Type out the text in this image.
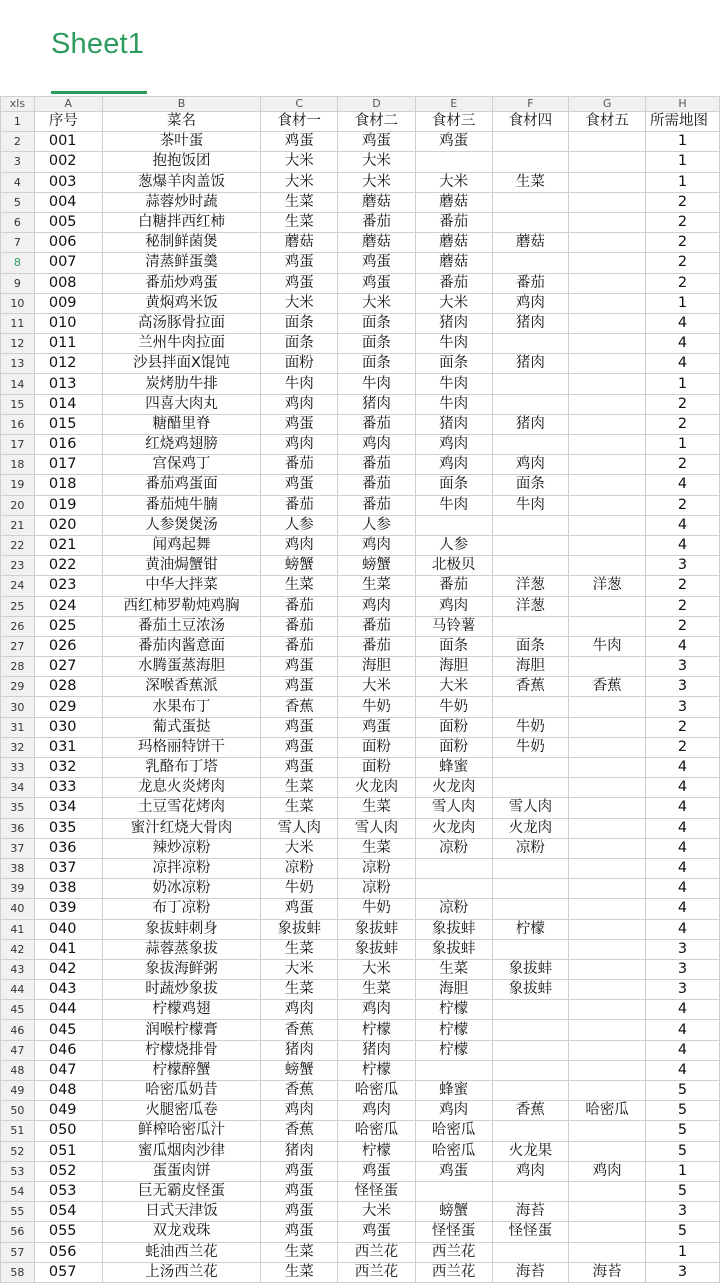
Sheet1
xls	A	B	C	D	E	F	G	H
1	序号	菜名	食材一	食材二	食材三	食材四	食材五	所需地图
2	001	茶叶蛋	鸡蛋	鸡蛋	鸡蛋			1
3	002	抱抱饭团	大米	大米				1
4	003	葱爆羊肉盖饭	大米	大米	大米	生菜		1
5	004	蒜蓉炒时蔬	生菜	蘑菇	蘑菇			2
6	005	白糖拌西红柿	生菜	番茄	番茄			2
7	006	秘制鲜菌煲	蘑菇	蘑菇	蘑菇	蘑菇		2
8	007	清蒸鲜蛋羹	鸡蛋	鸡蛋	蘑菇			2
9	008	番茄炒鸡蛋	鸡蛋	鸡蛋	番茄	番茄		2
10	009	黄焖鸡米饭	大米	大米	大米	鸡肉		1
11	010	高汤豚骨拉面	面条	面条	猪肉	猪肉		4
12	011	兰州牛肉拉面	面条	面条	牛肉			4
13	012	沙县拌面X馄饨	面粉	面条	面条	猪肉		4
14	013	炭烤肋牛排	牛肉	牛肉	牛肉			1
15	014	四喜大肉丸	鸡肉	猪肉	牛肉			2
16	015	糖醋里脊	鸡蛋	番茄	猪肉	猪肉		2
17	016	红烧鸡翅膀	鸡肉	鸡肉	鸡肉			1
18	017	宫保鸡丁	番茄	番茄	鸡肉	鸡肉		2
19	018	番茄鸡蛋面	鸡蛋	番茄	面条	面条		4
20	019	番茄炖牛腩	番茄	番茄	牛肉	牛肉		2
21	020	人参煲煲汤	人参	人参				4
22	021	闻鸡起舞	鸡肉	鸡肉	人参			4
23	022	黄油焗蟹钳	螃蟹	螃蟹	北极贝			3
24	023	中华大拌菜	生菜	生菜	番茄	洋葱	洋葱	2
25	024	西红柿罗勒炖鸡胸	番茄	鸡肉	鸡肉	洋葱		2
26	025	番茄土豆浓汤	番茄	番茄	马铃薯			2
27	026	番茄肉酱意面	番茄	番茄	面条	面条	牛肉	4
28	027	水腾蛋蒸海胆	鸡蛋	海胆	海胆	海胆		3
29	028	深喉香蕉派	鸡蛋	大米	大米	香蕉	香蕉	3
30	029	水果布丁	香蕉	牛奶	牛奶			3
31	030	葡式蛋挞	鸡蛋	鸡蛋	面粉	牛奶		2
32	031	玛格丽特饼干	鸡蛋	面粉	面粉	牛奶		2
33	032	乳酪布丁塔	鸡蛋	面粉	蜂蜜			4
34	033	龙息火炎烤肉	生菜	火龙肉	火龙肉			4
35	034	土豆雪花烤肉	生菜	生菜	雪人肉	雪人肉		4
36	035	蜜汁红烧大骨肉	雪人肉	雪人肉	火龙肉	火龙肉		4
37	036	辣炒凉粉	大米	生菜	凉粉	凉粉		4
38	037	凉拌凉粉	凉粉	凉粉				4
39	038	奶冰凉粉	牛奶	凉粉				4
40	039	布丁凉粉	鸡蛋	牛奶	凉粉			4
41	040	象拔蚌刺身	象拔蚌	象拔蚌	象拔蚌	柠檬		4
42	041	蒜蓉蒸象拔	生菜	象拔蚌	象拔蚌			3
43	042	象拔海鲜粥	大米	大米	生菜	象拔蚌		3
44	043	时蔬炒象拔	生菜	生菜	海胆	象拔蚌		3
45	044	柠檬鸡翅	鸡肉	鸡肉	柠檬			4
46	045	润喉柠檬膏	香蕉	柠檬	柠檬			4
47	046	柠檬烧排骨	猪肉	猪肉	柠檬			4
48	047	柠檬醉蟹	螃蟹	柠檬				4
49	048	哈密瓜奶昔	香蕉	哈密瓜	蜂蜜			5
50	049	火腿密瓜卷	鸡肉	鸡肉	鸡肉	香蕉	哈密瓜	5
51	050	鲜榨哈密瓜汁	香蕉	哈密瓜	哈密瓜			5
52	051	蜜瓜烟肉沙律	猪肉	柠檬	哈密瓜	火龙果		5
53	052	蛋蛋肉饼	鸡蛋	鸡蛋	鸡蛋	鸡肉	鸡肉	1
54	053	巨无霸皮怪蛋	鸡蛋	怪怪蛋				5
55	054	日式天津饭	鸡蛋	大米	螃蟹	海苔		3
56	055	双龙戏珠	鸡蛋	鸡蛋	怪怪蛋	怪怪蛋		5
57	056	蚝油西兰花	生菜	西兰花	西兰花			1
58	057	上汤西兰花	生菜	西兰花	西兰花	海苔	海苔	3
